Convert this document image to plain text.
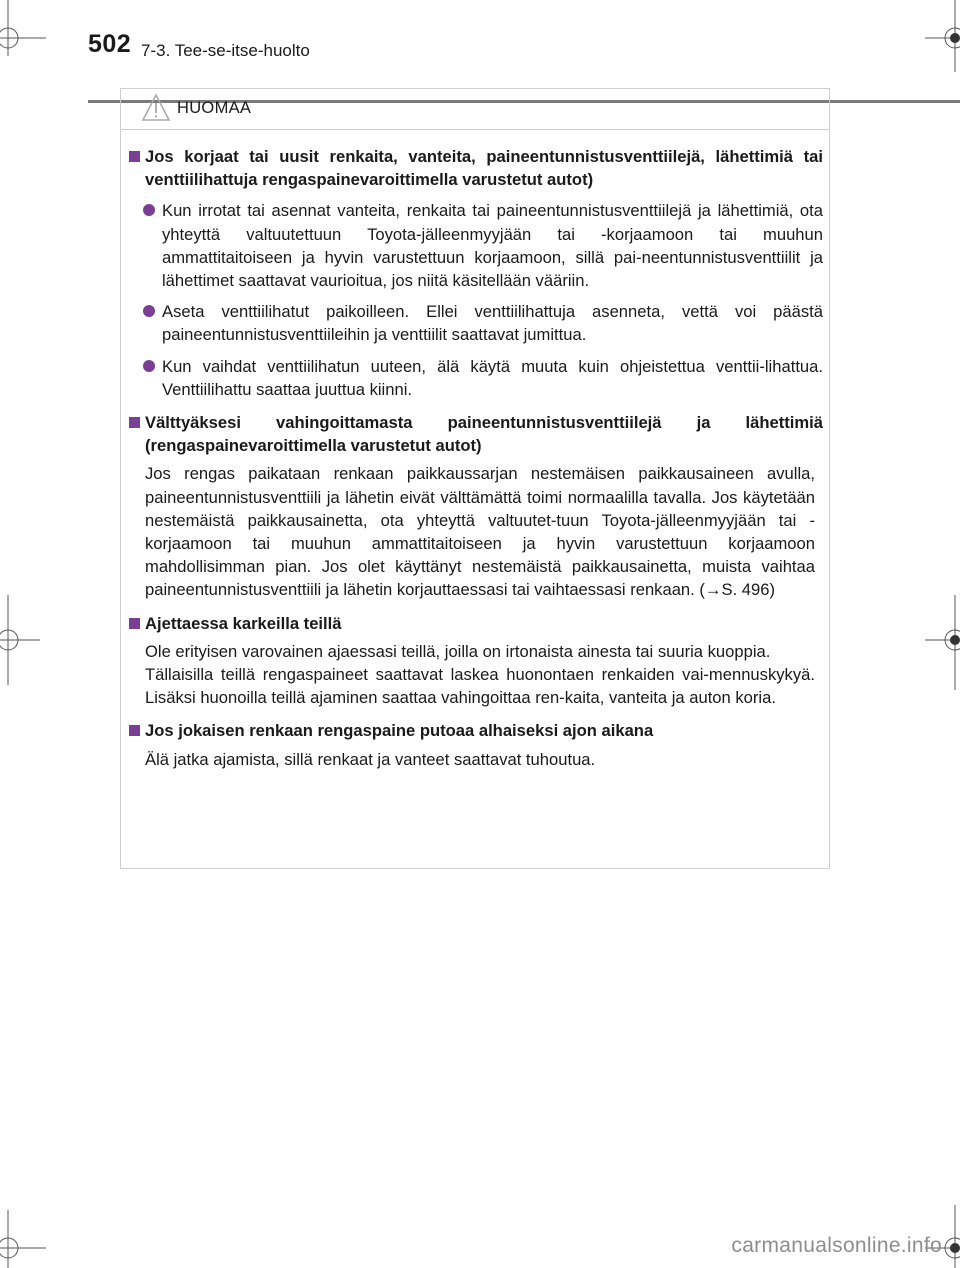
502 7-3. Tee-se-itse-huolto
HUOMAA
Jos korjaat tai uusit renkaita, vanteita, paineentunnistusventtiilejä, lähettimiä tai venttiilihattuja rengaspainevaroittimella varustetut autot)
Kun irrotat tai asennat vanteita, renkaita tai paineentunnistusventtiilejä ja lähettimiä, ota yhteyttä valtuutettuun Toyota-jälleenmyyjään tai -korjaamoon tai muuhun ammattitaitoiseen ja hyvin varustettuun korjaamoon, sillä pai-neentunnistusventtiilit ja lähettimet saattavat vaurioitua, jos niitä käsitellään vääriin.
Aseta venttiilihatut paikoilleen. Ellei venttiilihattuja asenneta, vettä voi päästä paineentunnistusventtiileihin ja venttiilit saattavat jumittua.
Kun vaihdat venttiilihatun uuteen, älä käytä muuta kuin ohjeistettua venttii-lihattua. Venttiilihattu saattaa juuttua kiinni.
Välttyäksesi vahingoittamasta paineentunnistusventtiilejä ja lähettimiä (rengaspainevaroittimella varustetut autot)
Jos rengas paikataan renkaan paikkaussarjan nestemäisen paikkausaineen avulla, paineentunnistusventtiili ja lähetin eivät välttämättä toimi normaalilla tavalla. Jos käytetään nestemäistä paikkausainetta, ota yhteyttä valtuutet-tuun Toyota-jälleenmyyjään tai -korjaamoon tai muuhun ammattitaitoiseen ja hyvin varustettuun korjaamoon mahdollisimman pian. Jos olet käyttänyt nestemäistä paikkausainetta, muista vaihtaa paineentunnistusventtiili ja lähetin korjauttaessasi tai vaihtaessasi renkaan. (→S. 496)
Ajettaessa karkeilla teillä
Ole erityisen varovainen ajaessasi teillä, joilla on irtonaista ainesta tai suuria kuoppia.
Tällaisilla teillä rengaspaineet saattavat laskea huonontaen renkaiden vai-mennuskykyä. Lisäksi huonoilla teillä ajaminen saattaa vahingoittaa ren-kaita, vanteita ja auton koria.
Jos jokaisen renkaan rengaspaine putoaa alhaiseksi ajon aikana
Älä jatka ajamista, sillä renkaat ja vanteet saattavat tuhoutua.
carmanualsonline.info
